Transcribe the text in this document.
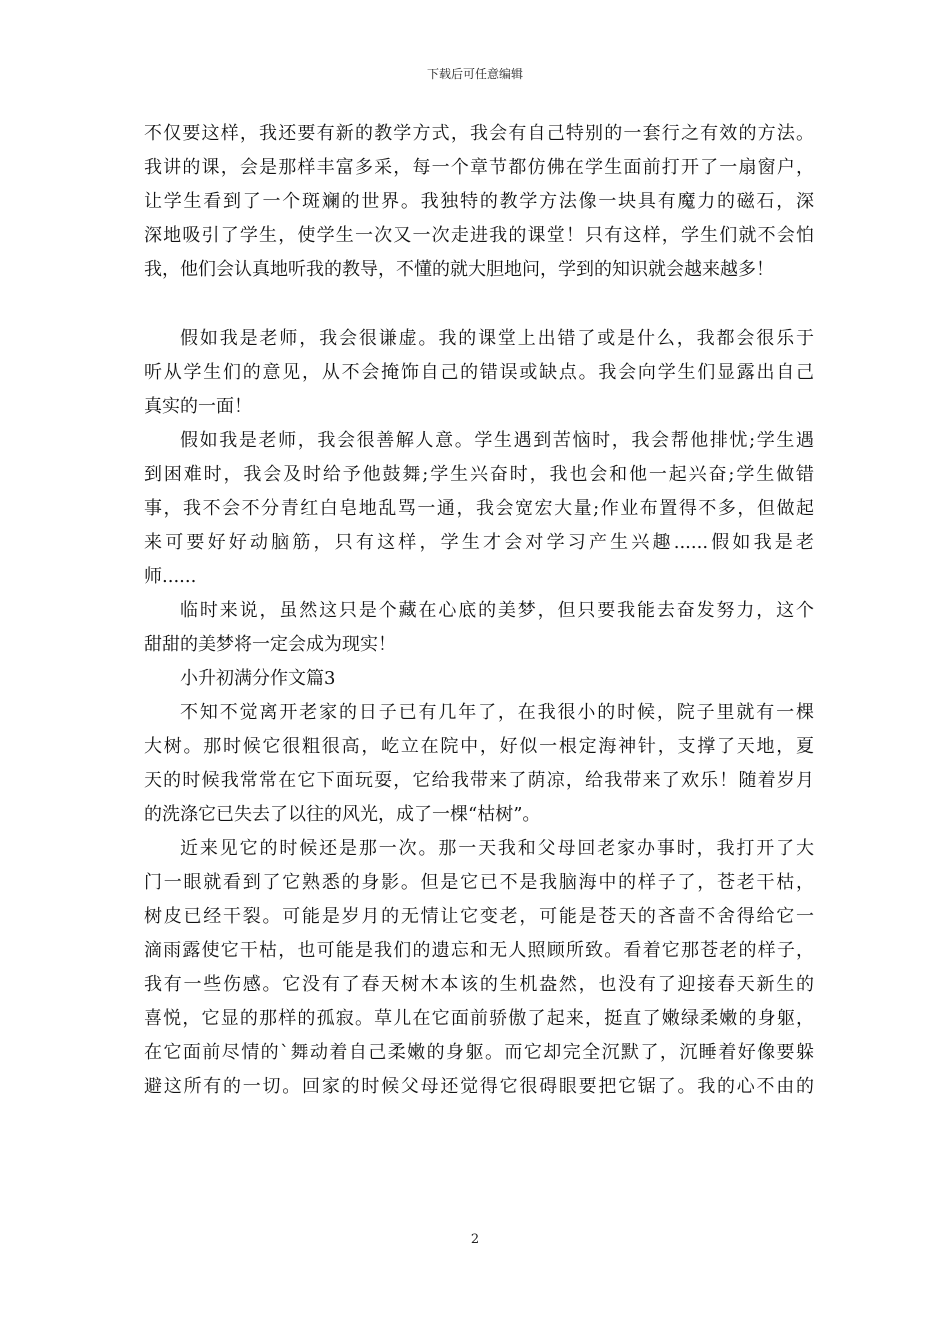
下载后可任意编辑
不仅要这样，我还要有新的教学方式，我会有自己特别的一套行之有效的方法。
我讲的课，会是那样丰富多采，每一个章节都仿佛在学生面前打开了一扇窗户，
让学生看到了一个斑斓的世界。我独特的教学方法像一块具有魔力的磁石，深
深地吸引了学生，使学生一次又一次走进我的课堂！只有这样，学生们就不会怕
我，他们会认真地听我的教导，不懂的就大胆地问，学到的知识就会越来越多！
假如我是老师，我会很谦虚。我的课堂上出错了或是什么，我都会很乐于
听从学生们的意见，从不会掩饰自己的错误或缺点。我会向学生们显露出自己
真实的一面！
假如我是老师，我会很善解人意。学生遇到苦恼时，我会帮他排忧;学生遇
到困难时，我会及时给予他鼓舞;学生兴奋时，我也会和他一起兴奋;学生做错
事，我不会不分青红白皂地乱骂一通，我会宽宏大量;作业布置得不多，但做起
来可要好好动脑筋，只有这样，学生才会对学习产生兴趣......假如我是老
师......
临时来说，虽然这只是个藏在心底的美梦，但只要我能去奋发努力，这个
甜甜的美梦将一定会成为现实！
小升初满分作文篇3
不知不觉离开老家的日子已有几年了，在我很小的时候，院子里就有一棵
大树。那时候它很粗很高，屹立在院中，好似一根定海神针，支撑了天地，夏
天的时候我常常在它下面玩耍，它给我带来了荫凉，给我带来了欢乐！随着岁月
的洗涤它已失去了以往的风光，成了一棵“枯树”。
近来见它的时候还是那一次。那一天我和父母回老家办事时，我打开了大
门一眼就看到了它熟悉的身影。但是它已不是我脑海中的样子了，苍老干枯，
树皮已经干裂。可能是岁月的无情让它变老，可能是苍天的吝啬不舍得给它一
滴雨露使它干枯，也可能是我们的遗忘和无人照顾所致。看着它那苍老的样子，
我有一些伤感。它没有了春天树木本该的生机盎然，也没有了迎接春天新生的
喜悦，它显的那样的孤寂。草儿在它面前骄傲了起来，挺直了嫩绿柔嫩的身躯，
在它面前尽情的`舞动着自己柔嫩的身躯。而它却完全沉默了，沉睡着好像要躲
避这所有的一切。回家的时候父母还觉得它很碍眼要把它锯了。我的心不由的
2
